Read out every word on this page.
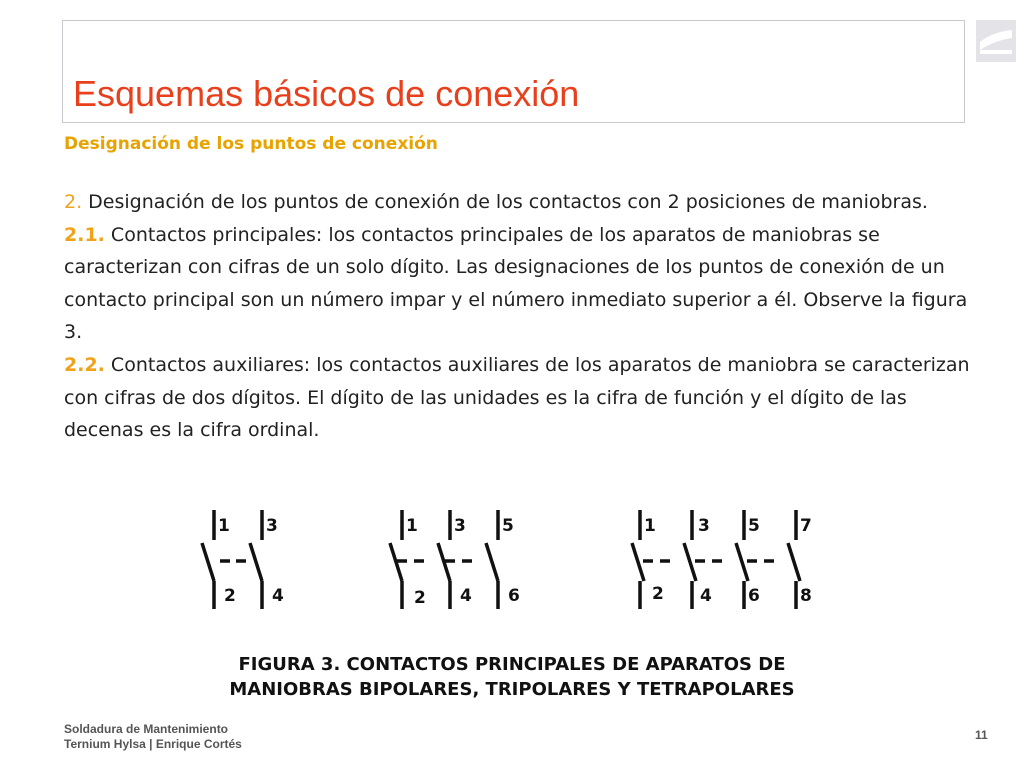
Esquemas básicos de conexión
Designación de los puntos de conexión

2. Designación de los puntos de conexión de los contactos con 2 posiciones de maniobras.

2.1. Contactos principales: los contactos principales de los aparatos de maniobras se caracterizan con cifras de un solo dígito. Las designaciones de los puntos de conexión de un contacto principal son un número impar y el número inmediato superior a él. Observe la figura 3.

2.2. Contactos auxiliares: los contactos auxiliares de los aparatos de maniobra se caracterizan con cifras de dos dígitos. El dígito de las unidades es la cifra de función y el dígito de las decenas es la cifra ordinal.

1 3
2 4
1 3 5
2 4 6
1 3 5 7
2 4 6 8
FIGURA 3. CONTACTOS PRINCIPALES DE APARATOS DE
MANIOBRAS BIPOLARES, TRIPOLARES Y TETRAPOLARES
Soldadura de Mantenimiento
Ternium Hylsa | Enrique Cortés
11
